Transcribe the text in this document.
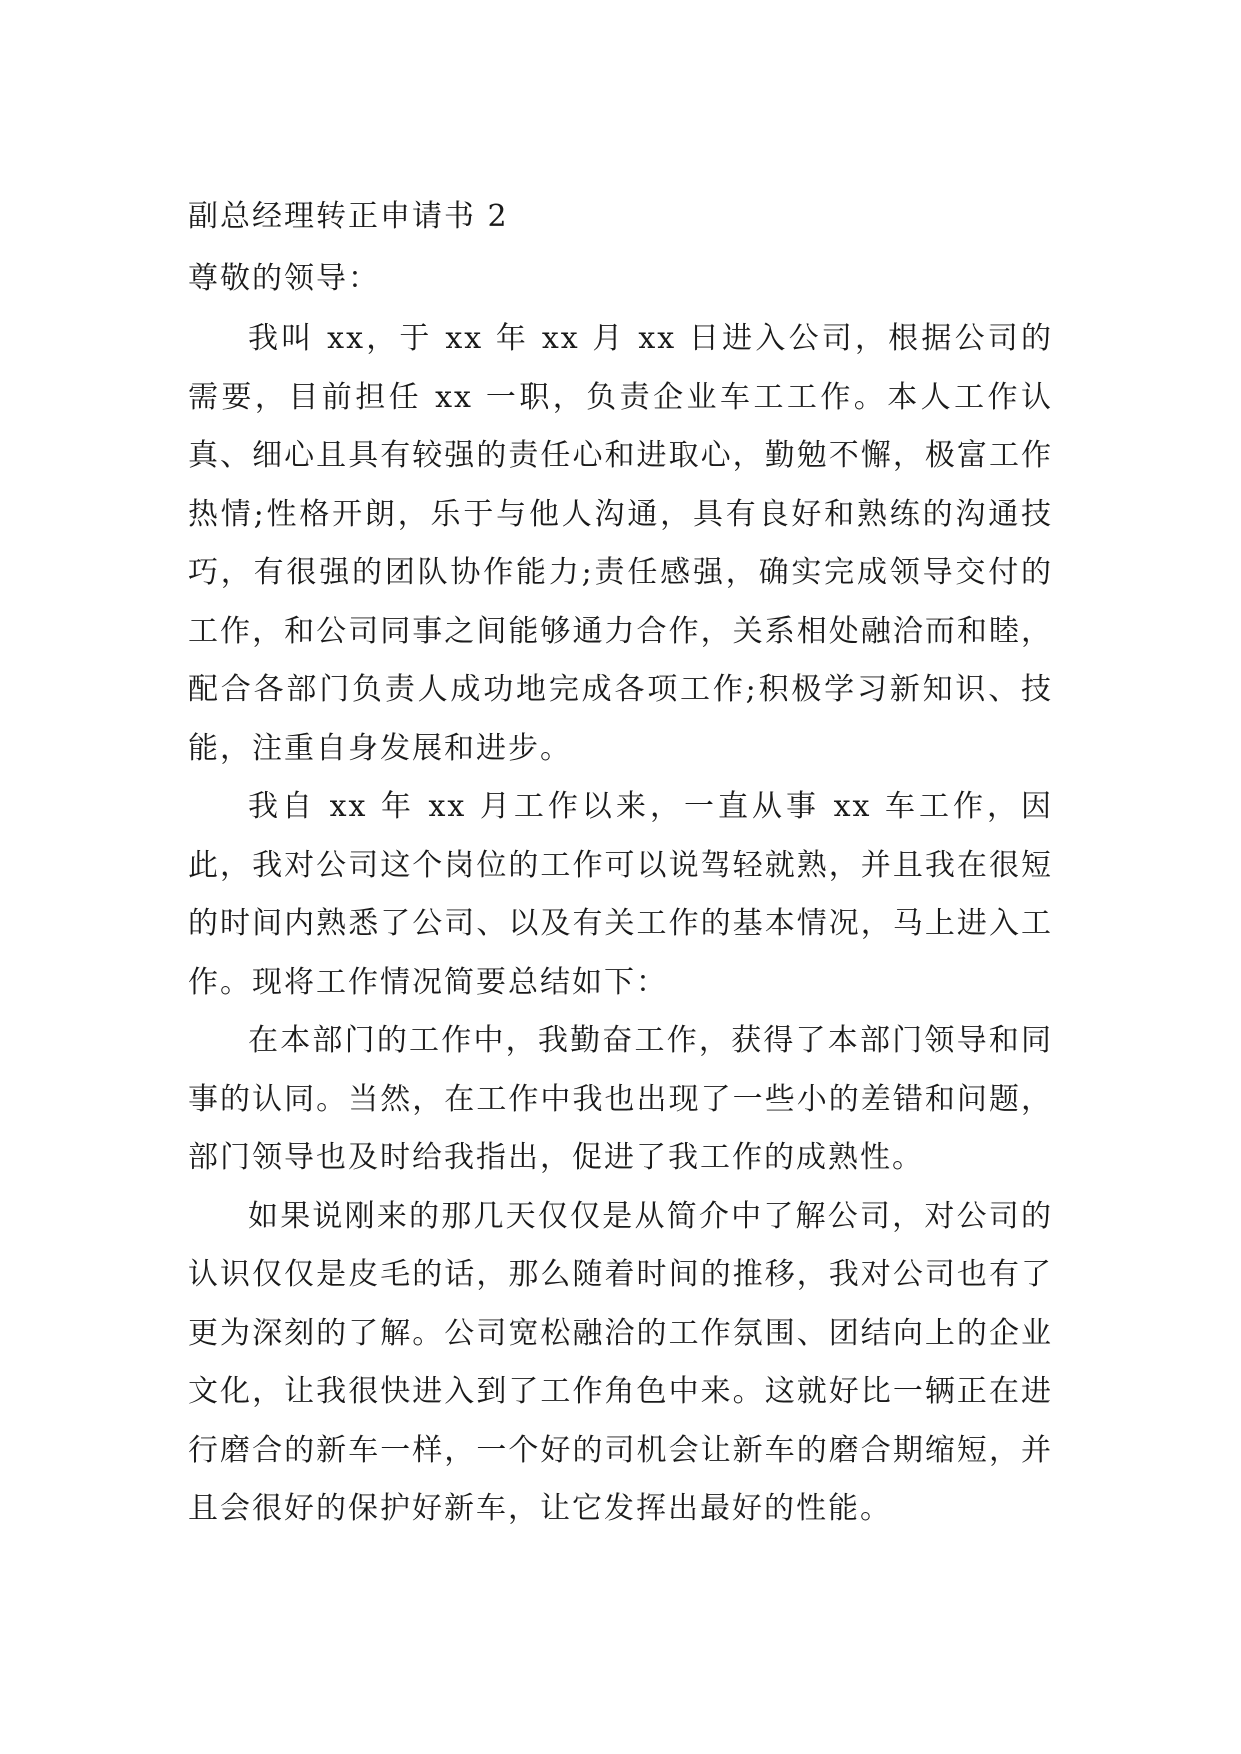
副总经理转正申请书 2
尊敬的领导：

我叫 xx，于 xx 年 xx 月 xx 日进入公司，根据公司的需要，目前担任 xx 一职，负责企业车工工作。本人工作认真、细心且具有较强的责任心和进取心，勤勉不懈，极富工作热情;性格开朗，乐于与他人沟通，具有良好和熟练的沟通技巧，有很强的团队协作能力;责任感强，确实完成领导交付的工作，和公司同事之间能够通力合作，关系相处融洽而和睦，配合各部门负责人成功地完成各项工作;积极学习新知识、技能，注重自身发展和进步。

我自 xx 年 xx 月工作以来，一直从事 xx 车工作，因此，我对公司这个岗位的工作可以说驾轻就熟，并且我在很短的时间内熟悉了公司、以及有关工作的基本情况，马上进入工作。现将工作情况简要总结如下：

在本部门的工作中，我勤奋工作，获得了本部门领导和同事的认同。当然，在工作中我也出现了一些小的差错和问题，部门领导也及时给我指出，促进了我工作的成熟性。

如果说刚来的那几天仅仅是从简介中了解公司，对公司的认识仅仅是皮毛的话，那么随着时间的推移，我对公司也有了更为深刻的了解。公司宽松融洽的工作氛围、团结向上的企业文化，让我很快进入到了工作角色中来。这就好比一辆正在进行磨合的新车一样，一个好的司机会让新车的磨合期缩短，并且会很好的保护好新车，让它发挥出最好的性能。
